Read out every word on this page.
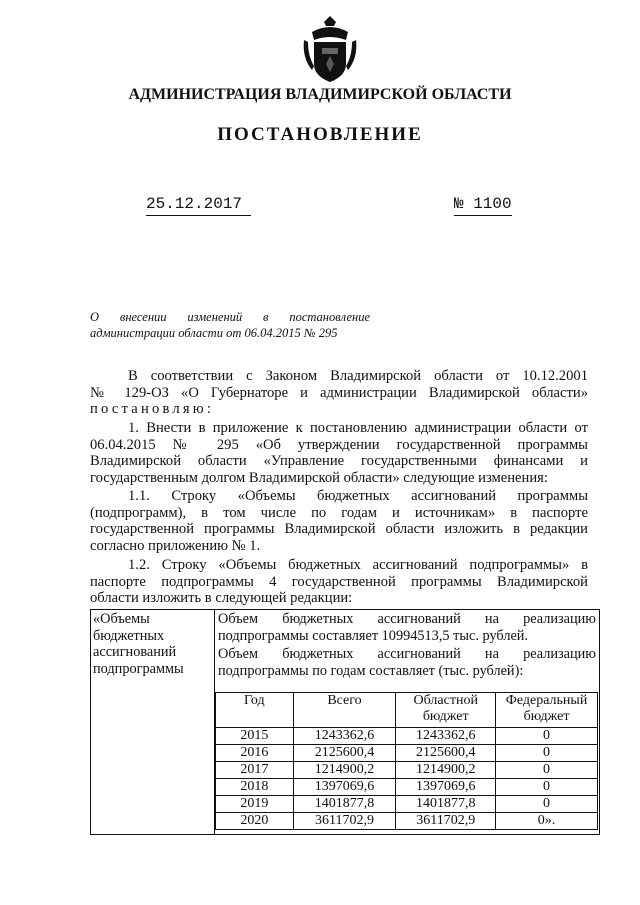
АДМИНИСТРАЦИЯ ВЛАДИМИРСКОЙ ОБЛАСТИ
ПОСТАНОВЛЕНИЕ
25.12.2017	№ 1100
О внесении изменений в постановление
администрации области от 06.04.2015 № 295
В соответствии с Законом Владимирской области от 10.12.2001
№ 129-ОЗ «О Губернаторе и администрации Владимирской области»
постановляю:
1. Внести в приложение к постановлению администрации области от
06.04.2015 № 295 «Об утверждении государственной программы
Владимирской области «Управление государственными финансами и
государственным долгом Владимирской области» следующие изменения:
1.1. Строку «Объемы бюджетных ассигнований программы
(подпрограмм), в том числе по годам и источникам» в паспорте
государственной программы Владимирской области изложить в редакции
согласно приложению № 1.
1.2. Строку «Объемы бюджетных ассигнований подпрограммы» в
паспорте подпрограммы 4 государственной программы Владимирской
области изложить в следующей редакции:
«Объемы
бюджетных
ассигнований
подпрограммы
Объем бюджетных ассигнований на реализацию
подпрограммы составляет 10994513,5 тыс. рублей.
Объем бюджетных ассигнований на реализацию
подпрограммы по годам составляет (тыс. рублей):
Год	Всего	Областной бюджет	Федеральный бюджет
2015	1243362,6	1243362,6	0
2016	2125600,4	2125600,4	0
2017	1214900,2	1214900,2	0
2018	1397069,6	1397069,6	0
2019	1401877,8	1401877,8	0
2020	3611702,9	3611702,9	0».
